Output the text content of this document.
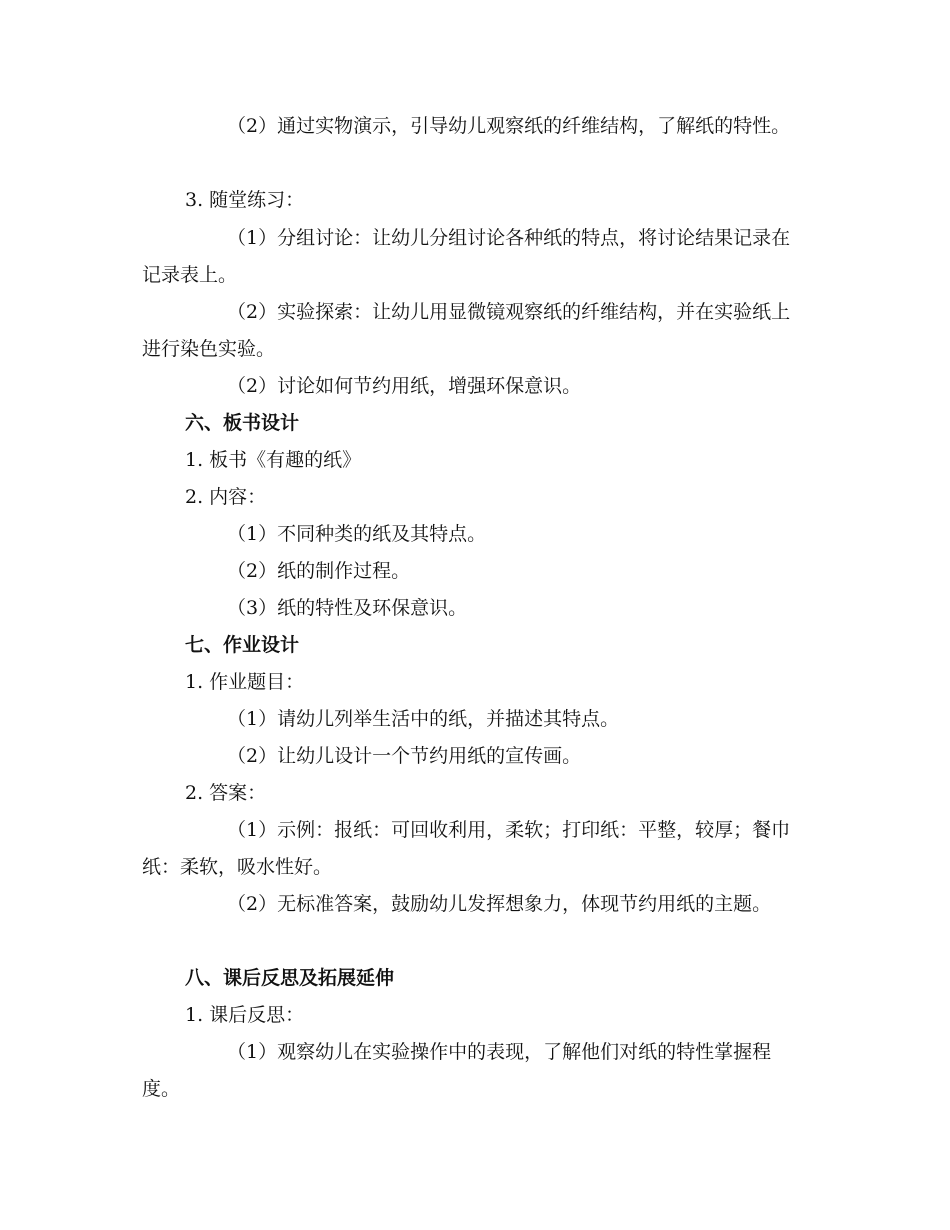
（2）通过实物演示，引导幼儿观察纸的纤维结构，了解纸的特性。

3. 随堂练习：

（1）分组讨论：让幼儿分组讨论各种纸的特点，将讨论结果记录在记录表上。

（2）实验探索：让幼儿用显微镜观察纸的纤维结构，并在实验纸上进行染色实验。

（2）讨论如何节约用纸，增强环保意识。

六、板书设计

1. 板书《有趣的纸》

2. 内容：

（1）不同种类的纸及其特点。

（2）纸的制作过程。

（3）纸的特性及环保意识。

七、作业设计

1. 作业题目：

（1）请幼儿列举生活中的纸，并描述其特点。

（2）让幼儿设计一个节约用纸的宣传画。

2. 答案：

（1）示例：报纸：可回收利用，柔软；打印纸：平整，较厚；餐巾纸：柔软，吸水性好。

（2）无标准答案，鼓励幼儿发挥想象力，体现节约用纸的主题。

八、课后反思及拓展延伸

1. 课后反思：

（1）观察幼儿在实验操作中的表现，了解他们对纸的特性掌握程度。
